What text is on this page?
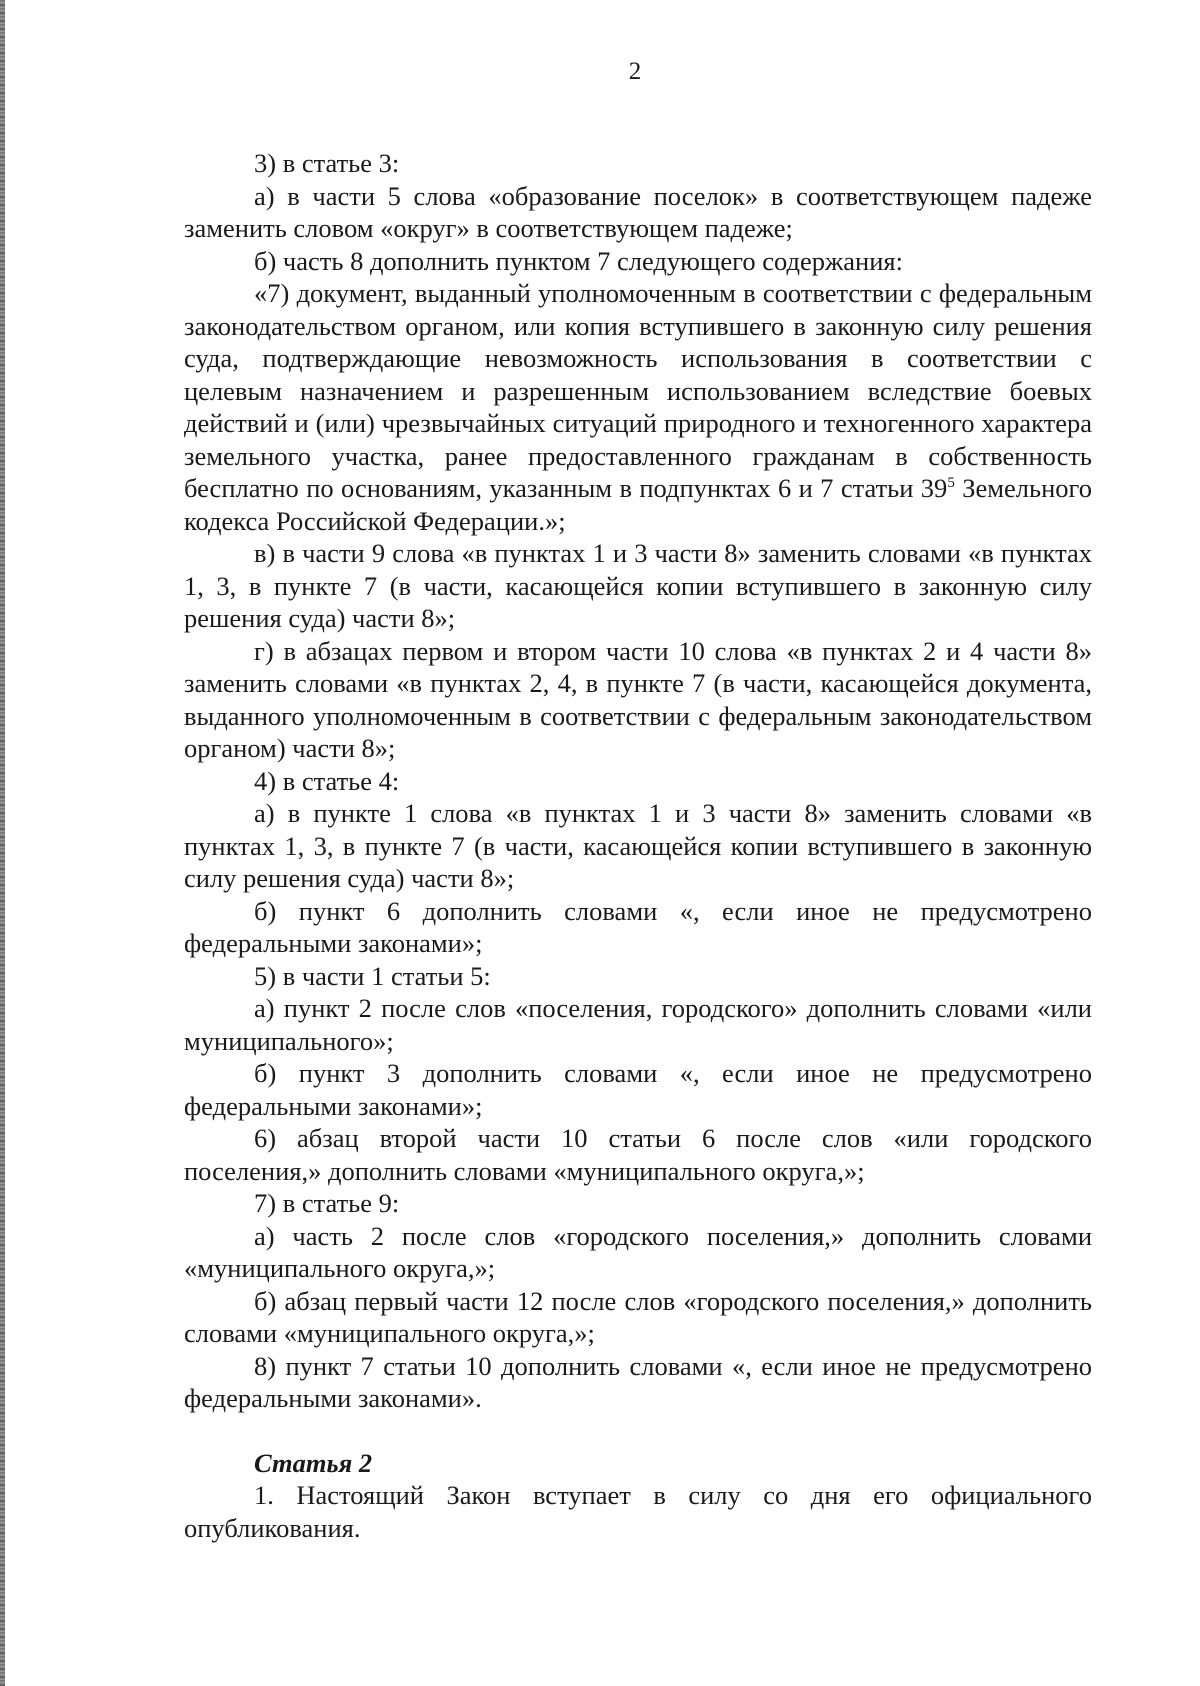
2

3) в статье 3:

а) в части 5 слова «образование поселок» в соответствующем падеже заменить словом «округ» в соответствующем падеже;

б) часть 8 дополнить пунктом 7 следующего содержания:

«7) документ, выданный уполномоченным в соответствии с федеральным законодательством органом, или копия вступившего в законную силу решения суда, подтверждающие невозможность использования в соответствии с целевым назначением и разрешенным использованием вследствие боевых действий и (или) чрезвычайных ситуаций природного и техногенного характера земельного участка, ранее предоставленного гражданам в собственность бесплатно по основаниям, указанным в подпунктах 6 и 7 статьи $39^5$ Земельного кодекса Российской Федерации.»;

в) в части 9 слова «в пунктах 1 и 3 части 8» заменить словами «в пунктах 1, 3, в пункте 7 (в части, касающейся копии вступившего в законную силу решения суда) части 8»;

г) в абзацах первом и втором части 10 слова «в пунктах 2 и 4 части 8» заменить словами «в пунктах 2, 4, в пункте 7 (в части, касающейся документа, выданного уполномоченным в соответствии с федеральным законодательством органом) части 8»;

4) в статье 4:

а) в пункте 1 слова «в пунктах 1 и 3 части 8» заменить словами «в пунктах 1, 3, в пункте 7 (в части, касающейся копии вступившего в законную силу решения суда) части 8»;

б) пункт 6 дополнить словами «, если иное не предусмотрено федеральными законами»;

5) в части 1 статьи 5:

а) пункт 2 после слов «поселения, городского» дополнить словами «или муниципального»;

б) пункт 3 дополнить словами «, если иное не предусмотрено федеральными законами»;

6) абзац второй части 10 статьи 6 после слов «или городского поселения,» дополнить словами «муниципального округа,»;

7) в статье 9:

а) часть 2 после слов «городского поселения,» дополнить словами «муниципального округа,»;

б) абзац первый части 12 после слов «городского поселения,» дополнить словами «муниципального округа,»;

8) пункт 7 статьи 10 дополнить словами «, если иное не предусмотрено федеральными законами».

Статья 2

1. Настоящий Закон вступает в силу со дня его официального опубликования.
